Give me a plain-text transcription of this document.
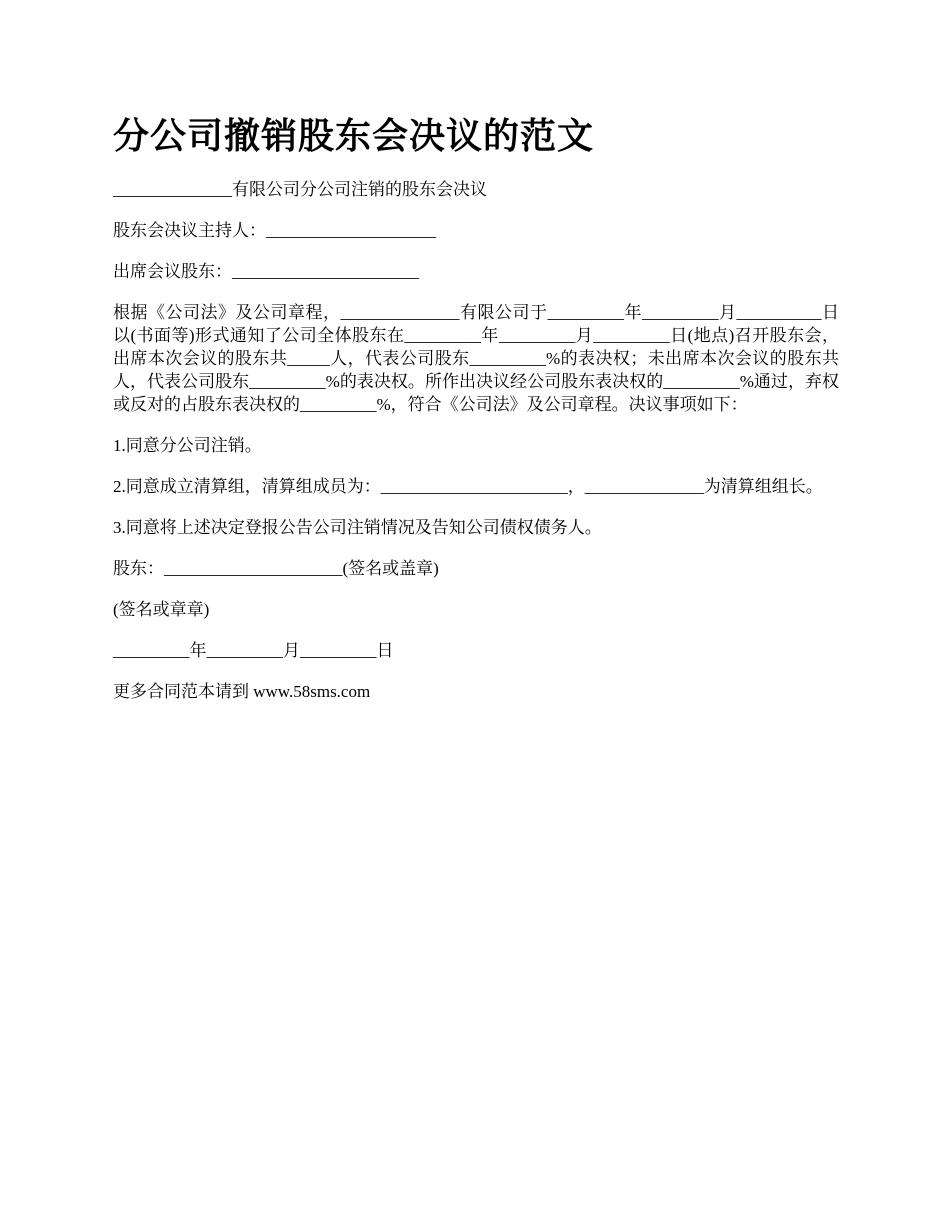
分公司撤销股东会决议的范文

______________有限公司分公司注销的股东会决议

股东会决议主持人：____________________

出席会议股东：______________________

根据《公司法》及公司章程，______________有限公司于_________年_________月__________日以(书面等)形式通知了公司全体股东在_________年_________月_________日(地点)召开股东会，出席本次会议的股东共_____人，代表公司股东_________%的表决权；未出席本次会议的股东共人，代表公司股东_________%的表决权。所作出决议经公司股东表决权的_________%通过，弃权或反对的占股东表决权的_________%，符合《公司法》及公司章程。决议事项如下：

1.同意分公司注销。

2.同意成立清算组，清算组成员为：______________________，______________为清算组组长。

3.同意将上述决定登报公告公司注销情况及告知公司债权债务人。

股东：_____________________(签名或盖章)

(签名或章章)

_________年_________月_________日

更多合同范本请到 www.58sms.com
